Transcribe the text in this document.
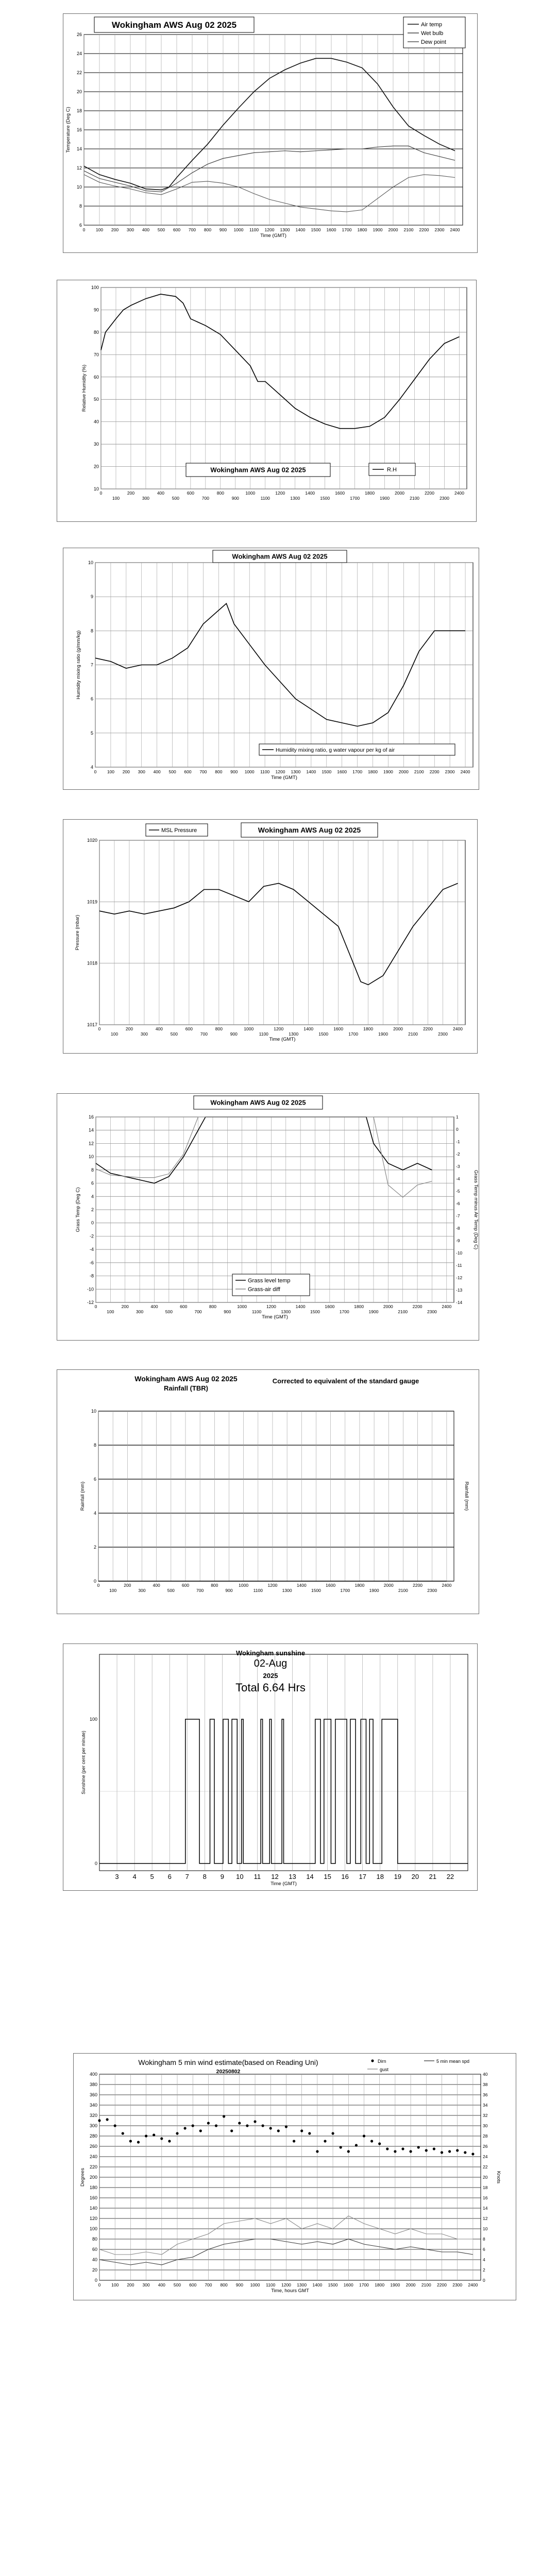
6
8
10
12
14
16
18
20
22
24
26
0 100 200 300 400 500 600 700 800 900 1000 1100 1200 1300 1400 1500 1600 1700 1800 1900 2000 2100 2200 2300 2400
Time (GMT)
Temperature (Deg C)
Wokingham AWS Aug 02 2025	Air temp
Wet bulb
Dew point
10
20
30
40
50
60
70
80
90
100
0	200	400	600	800	1000	1200	1400	1600	1800	2000	2200	2400
100	300	500	700	900	1100	1300	1500	1700	1900	2100	2300
Relative Humidity (%)
Wokingham AWS Aug 02 2025	R.H
4
5
6
7
8
9
10
0 100 200 300 400 500 600 700 800 900 1000 1100 1200 1300 1400 1500 1600 1700 1800 1900 2000 2100 2200 2300 2400
Time (GMT)
Humidity mixing ratio (g/mm/kg)
Wokingham AWS Aug 02 2025
Humidity mixing ratio, g water vapour per kg of air
1017
1018
1019
1020
0	200	400	600	800	1000	1200	1400	1600	1800	2000	2200	2400
100	300	500	700	900	1100	1300	1500	1700	1900	2100	2300
Time (GMT)
Pressure (mbar)
MSL Pressure	Wokingham AWS Aug 02 2025
-12
-10
-8
-6
-4
-2
0
2
4
6
8
10
12
14
16
0	200	400	600	800	1000	1200	1400	1600	1800	2000	2200	2400
100	300	500	700	900	1100	1300	1500	1700	1900	2100	2300
Time (GMT)
Grass Temp (Deg C)
-14
-13
-12
-11
-10
-9
-8
-7
-6
-5
-4
-3
-2
-1
0
1
Grass Temp minus Air Temp (Deg C)
Wokingham AWS Aug 02 2025
Grass level temp
Grass-air diff
0
2
4
6
8
10
0	200	400	600	800	1000	1200	1400	1600	1800	2000	2200	2400
100	300	500	700	900	1100	1300	1500	1700	1900	2100	2300
Rainfall (mm)	Rainfall (mm)
Wokingham AWS Aug 02 2025
Rainfall (TBR)
Corrected to equivalent of the standard gauge
3 4 5 6 7 8 9 10 11 12 13 14 15 16 17 18 19 20 21 22
0
100
Time (GMT)
Sunshine (per cent per minute)
Wokingham sunshine
02-Aug
2025
Total 6.64 Hrs
0
20
40
60
80
100
120
140
160
180
200
220
240
260
280
300
320
340
360
380
400
0 100 200 300 400 500 600 700 800 900 1000 1100 1200 1300 1400 1500 1600 1700 1800 1900 2000 2100 2200 2300 2400
Time, hours GMT
Degrees
0
2
4
6
8
10
12
14
16
18
20
22
24
26
28
30
32
34
36
38
40
Knots
Wokingham 5 min wind estimate(based on Reading Uni)
20250802
Dirn	5 min mean spd
gust
